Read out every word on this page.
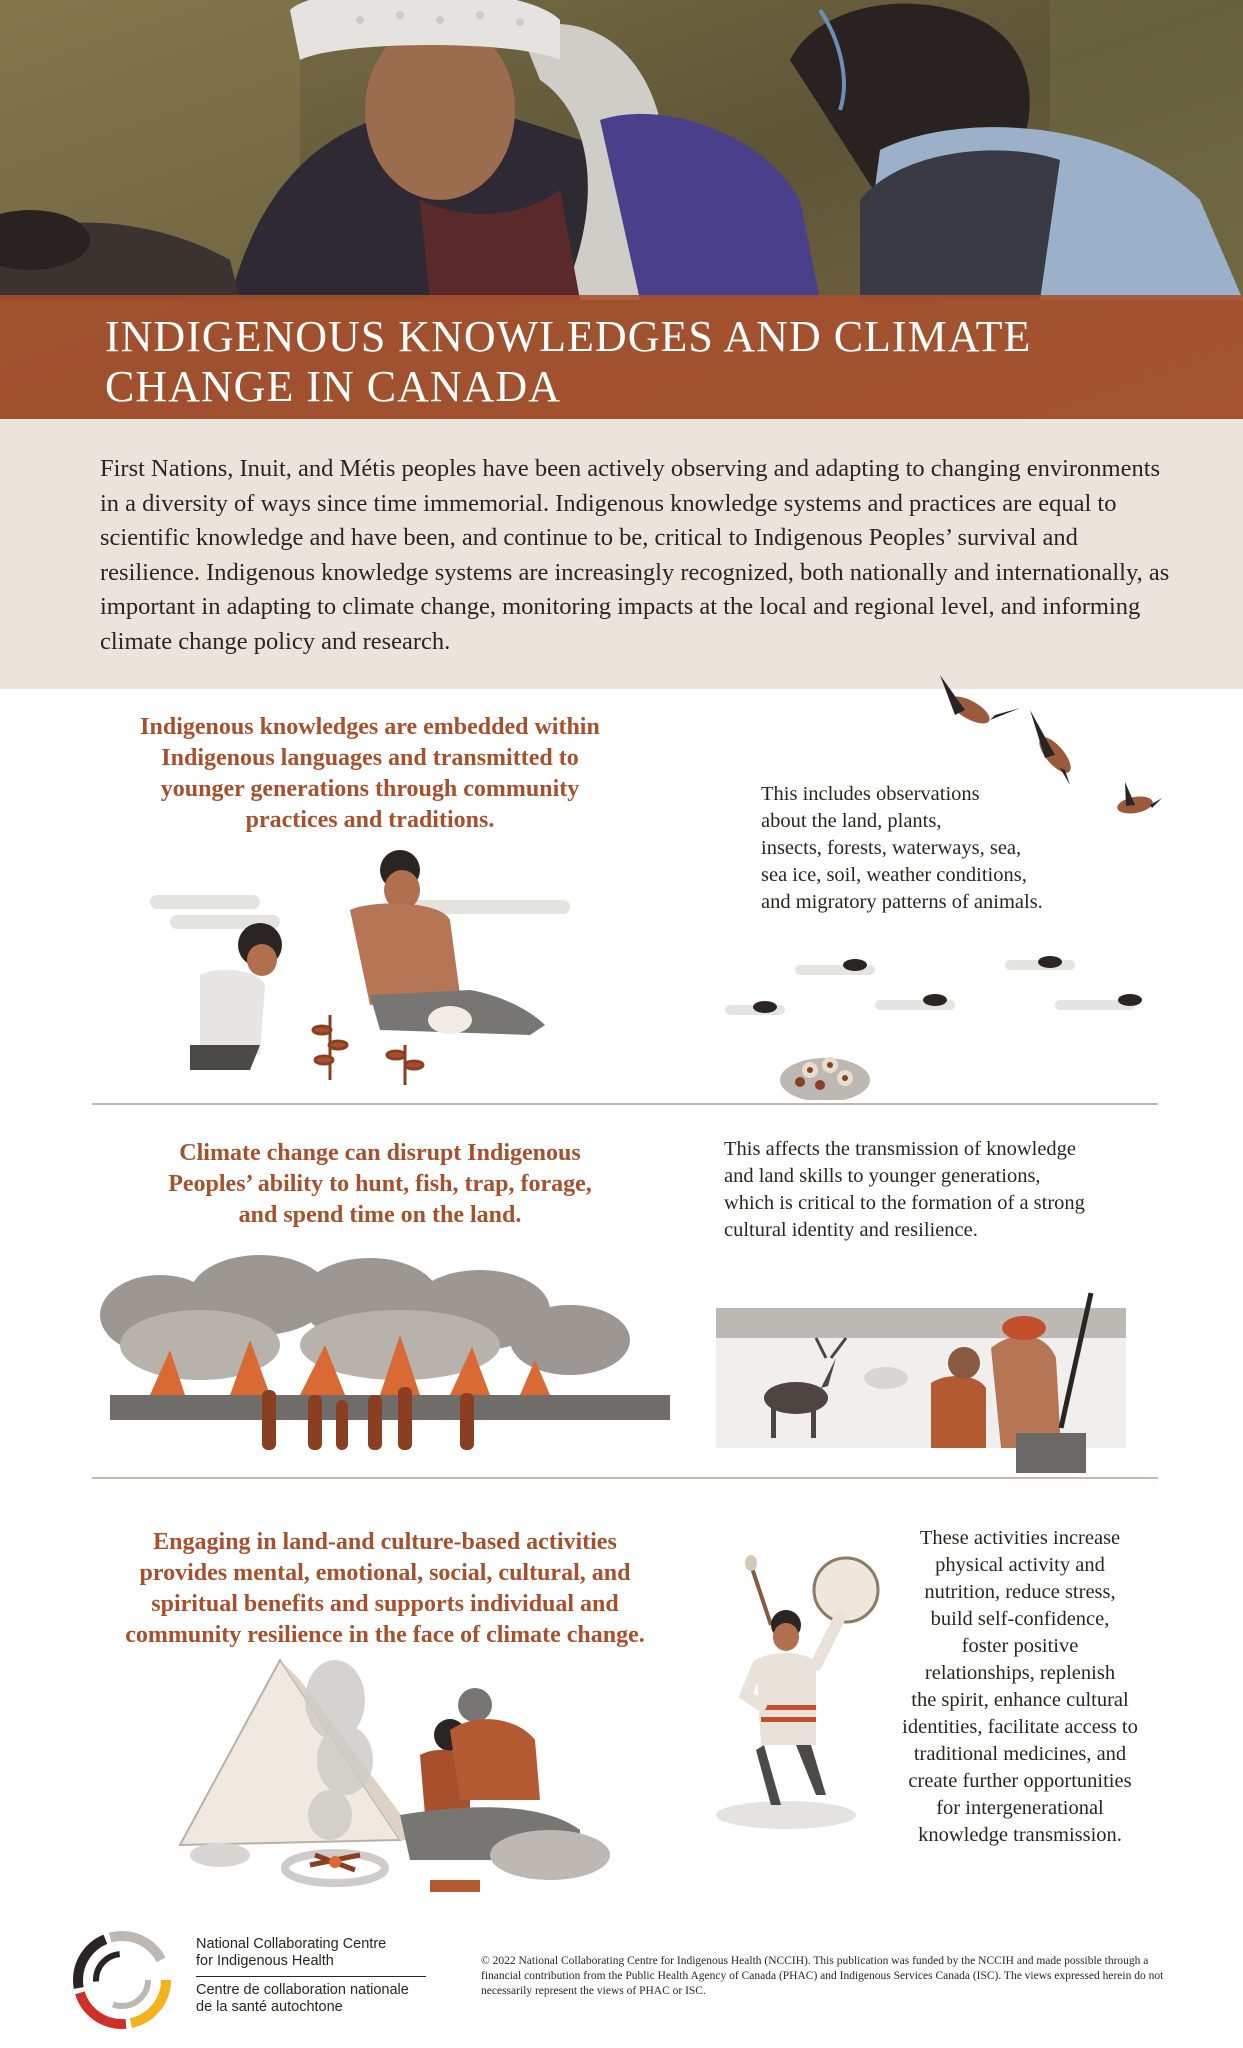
INDIGENOUS KNOWLEDGES AND CLIMATE
CHANGE IN CANADA
First Nations, Inuit, and Métis peoples have been actively observing and adapting to changing environments in a diversity of ways since time immemorial. Indigenous knowledge systems and practices are equal to scientific knowledge and have been, and continue to be, critical to Indigenous Peoples’ survival and resilience. Indigenous knowledge systems are increasingly recognized, both nationally and internationally, as important in adapting to climate change, monitoring impacts at the local and regional level, and informing climate change policy and research.
Indigenous knowledges are embedded within
Indigenous languages and transmitted to
younger generations through community
practices and traditions.
This includes observations
about the land, plants,
insects, forests, waterways, sea,
sea ice, soil, weather conditions,
and migratory patterns of animals.
Climate change can disrupt Indigenous
Peoples’ ability to hunt, fish, trap, forage,
and spend time on the land.
This affects the transmission of knowledge
and land skills to younger generations,
which is critical to the formation of a strong
cultural identity and resilience.
Engaging in land-and culture-based activities
provides mental, emotional, social, cultural, and
spiritual benefits and supports individual and
community resilience in the face of climate change.
These activities increase
physical activity and
nutrition, reduce stress,
build self-confidence,
foster positive
relationships, replenish
the spirit, enhance cultural
identities, facilitate access to
traditional medicines, and
create further opportunities
for intergenerational
knowledge transmission.
National Collaborating Centre
for Indigenous Health
Centre de collaboration nationale
de la santé autochtone
© 2022 National Collaborating Centre for Indigenous Health (NCCIH). This publication was funded by the NCCIH and made possible through a financial contribution from the Public Health Agency of Canada (PHAC) and Indigenous Services Canada (ISC). The views expressed herein do not necessarily represent the views of PHAC or ISC.
